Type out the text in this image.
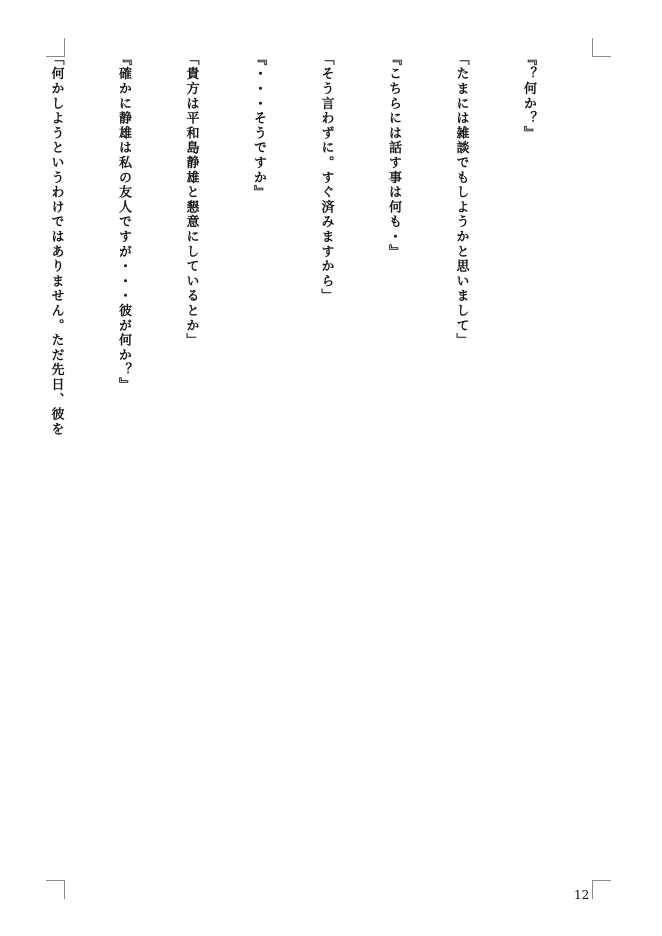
『？何か？』

「たまには雑談でもしようかと思いまして」

『こちらには話す事は何も・』

「そう言わずに。すぐ済みますから」

『・・・そうですか』

「貴方は平和島静雄と懇意にしているとか」

『確かに静雄は私の友人ですが・・・彼が何か？』

「何かしようというわけではありません。ただ先日、彼を

12
